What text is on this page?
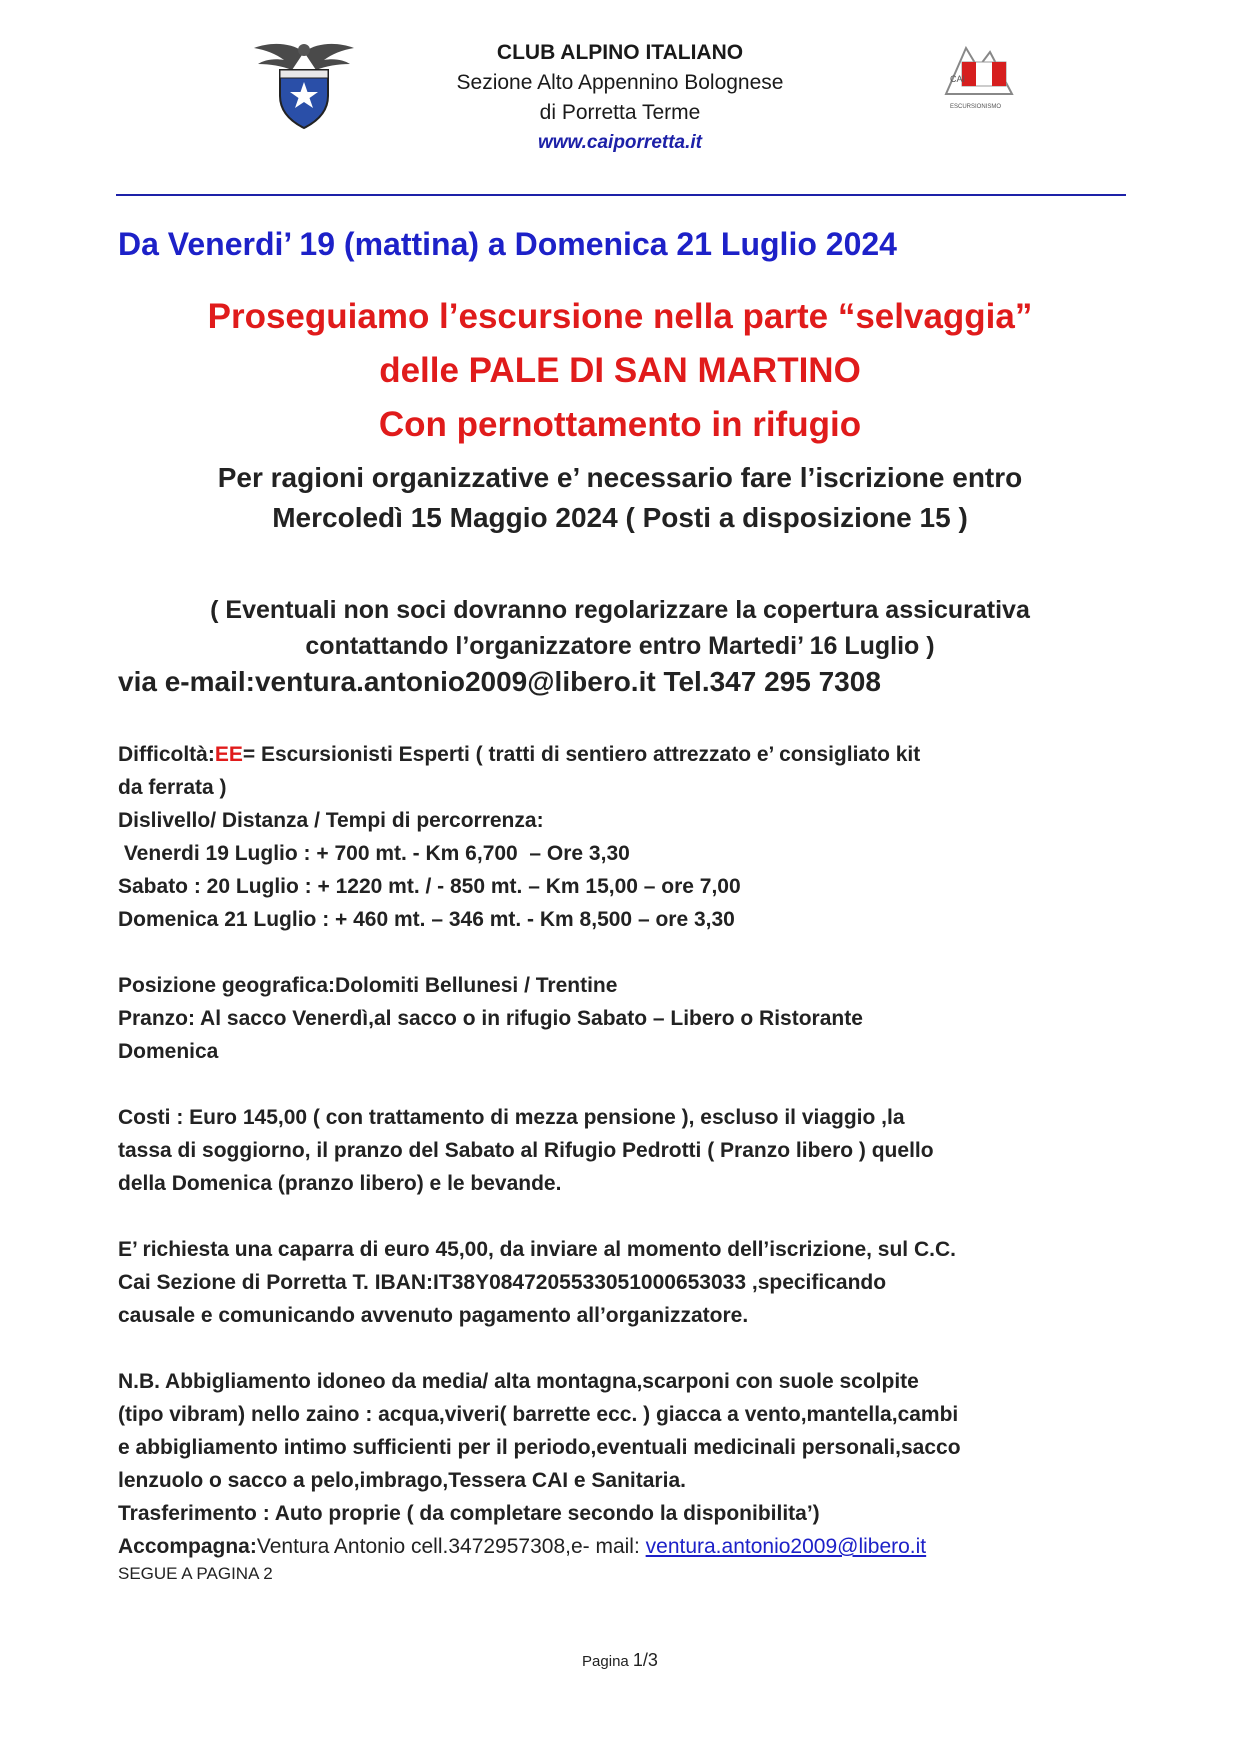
CLUB ALPINO ITALIANO
Sezione Alto Appennino Bolognese
di Porretta Terme
www.caiporretta.it
CAI
ESCURSIONISMO
Da Venerdi’ 19 (mattina) a Domenica 21 Luglio 2024
Proseguiamo l’escursione nella parte “selvaggia”
delle PALE DI SAN MARTINO
Con pernottamento in rifugio
Per ragioni organizzative e’ necessario fare l’iscrizione entro
Mercoledì 15 Maggio 2024 ( Posti a disposizione 15 )
( Eventuali non soci dovranno regolarizzare la copertura assicurativa
contattando l’organizzatore entro Martedi’ 16 Luglio )
via e-mail:ventura.antonio2009@libero.it Tel.347 295 7308

Difficoltà:EE= Escursionisti Esperti ( tratti di sentiero attrezzato e’ consigliato kit

da ferrata )

Dislivello/ Distanza / Tempi di percorrenza:

Venerdi 19 Luglio : + 700 mt. - Km 6,700  – Ore 3,30

Sabato : 20 Luglio : + 1220 mt. / - 850 mt. – Km 15,00 – ore 7,00

Domenica 21 Luglio : + 460 mt. – 346 mt. - Km 8,500 – ore 3,30

Posizione geografica:Dolomiti Bellunesi / Trentine

Pranzo: Al sacco Venerdì,al sacco o in rifugio Sabato – Libero o Ristorante

Domenica

Costi : Euro 145,00 ( con trattamento di mezza pensione ), escluso il viaggio ,la

tassa di soggiorno, il pranzo del Sabato al Rifugio Pedrotti ( Pranzo libero ) quello

della Domenica (pranzo libero) e le bevande.

E’ richiesta una caparra di euro 45,00, da inviare al momento dell’iscrizione, sul C.C.

Cai Sezione di Porretta T. IBAN:IT38Y0847205533051000653033 ,specificando

causale e comunicando avvenuto pagamento all’organizzatore.

N.B. Abbigliamento idoneo da media/ alta montagna,scarponi con suole scolpite

(tipo vibram) nello zaino : acqua,viveri( barrette ecc. ) giacca a vento,mantella,cambi

e abbigliamento intimo sufficienti per il periodo,eventuali medicinali personali,sacco

lenzuolo o sacco a pelo,imbrago,Tessera CAI e Sanitaria.

Trasferimento : Auto proprie ( da completare secondo la disponibilita’)

Accompagna:Ventura Antonio cell.3472957308,e- mail: ventura.antonio2009@libero.it

SEGUE A PAGINA 2
Pagina 1/3
